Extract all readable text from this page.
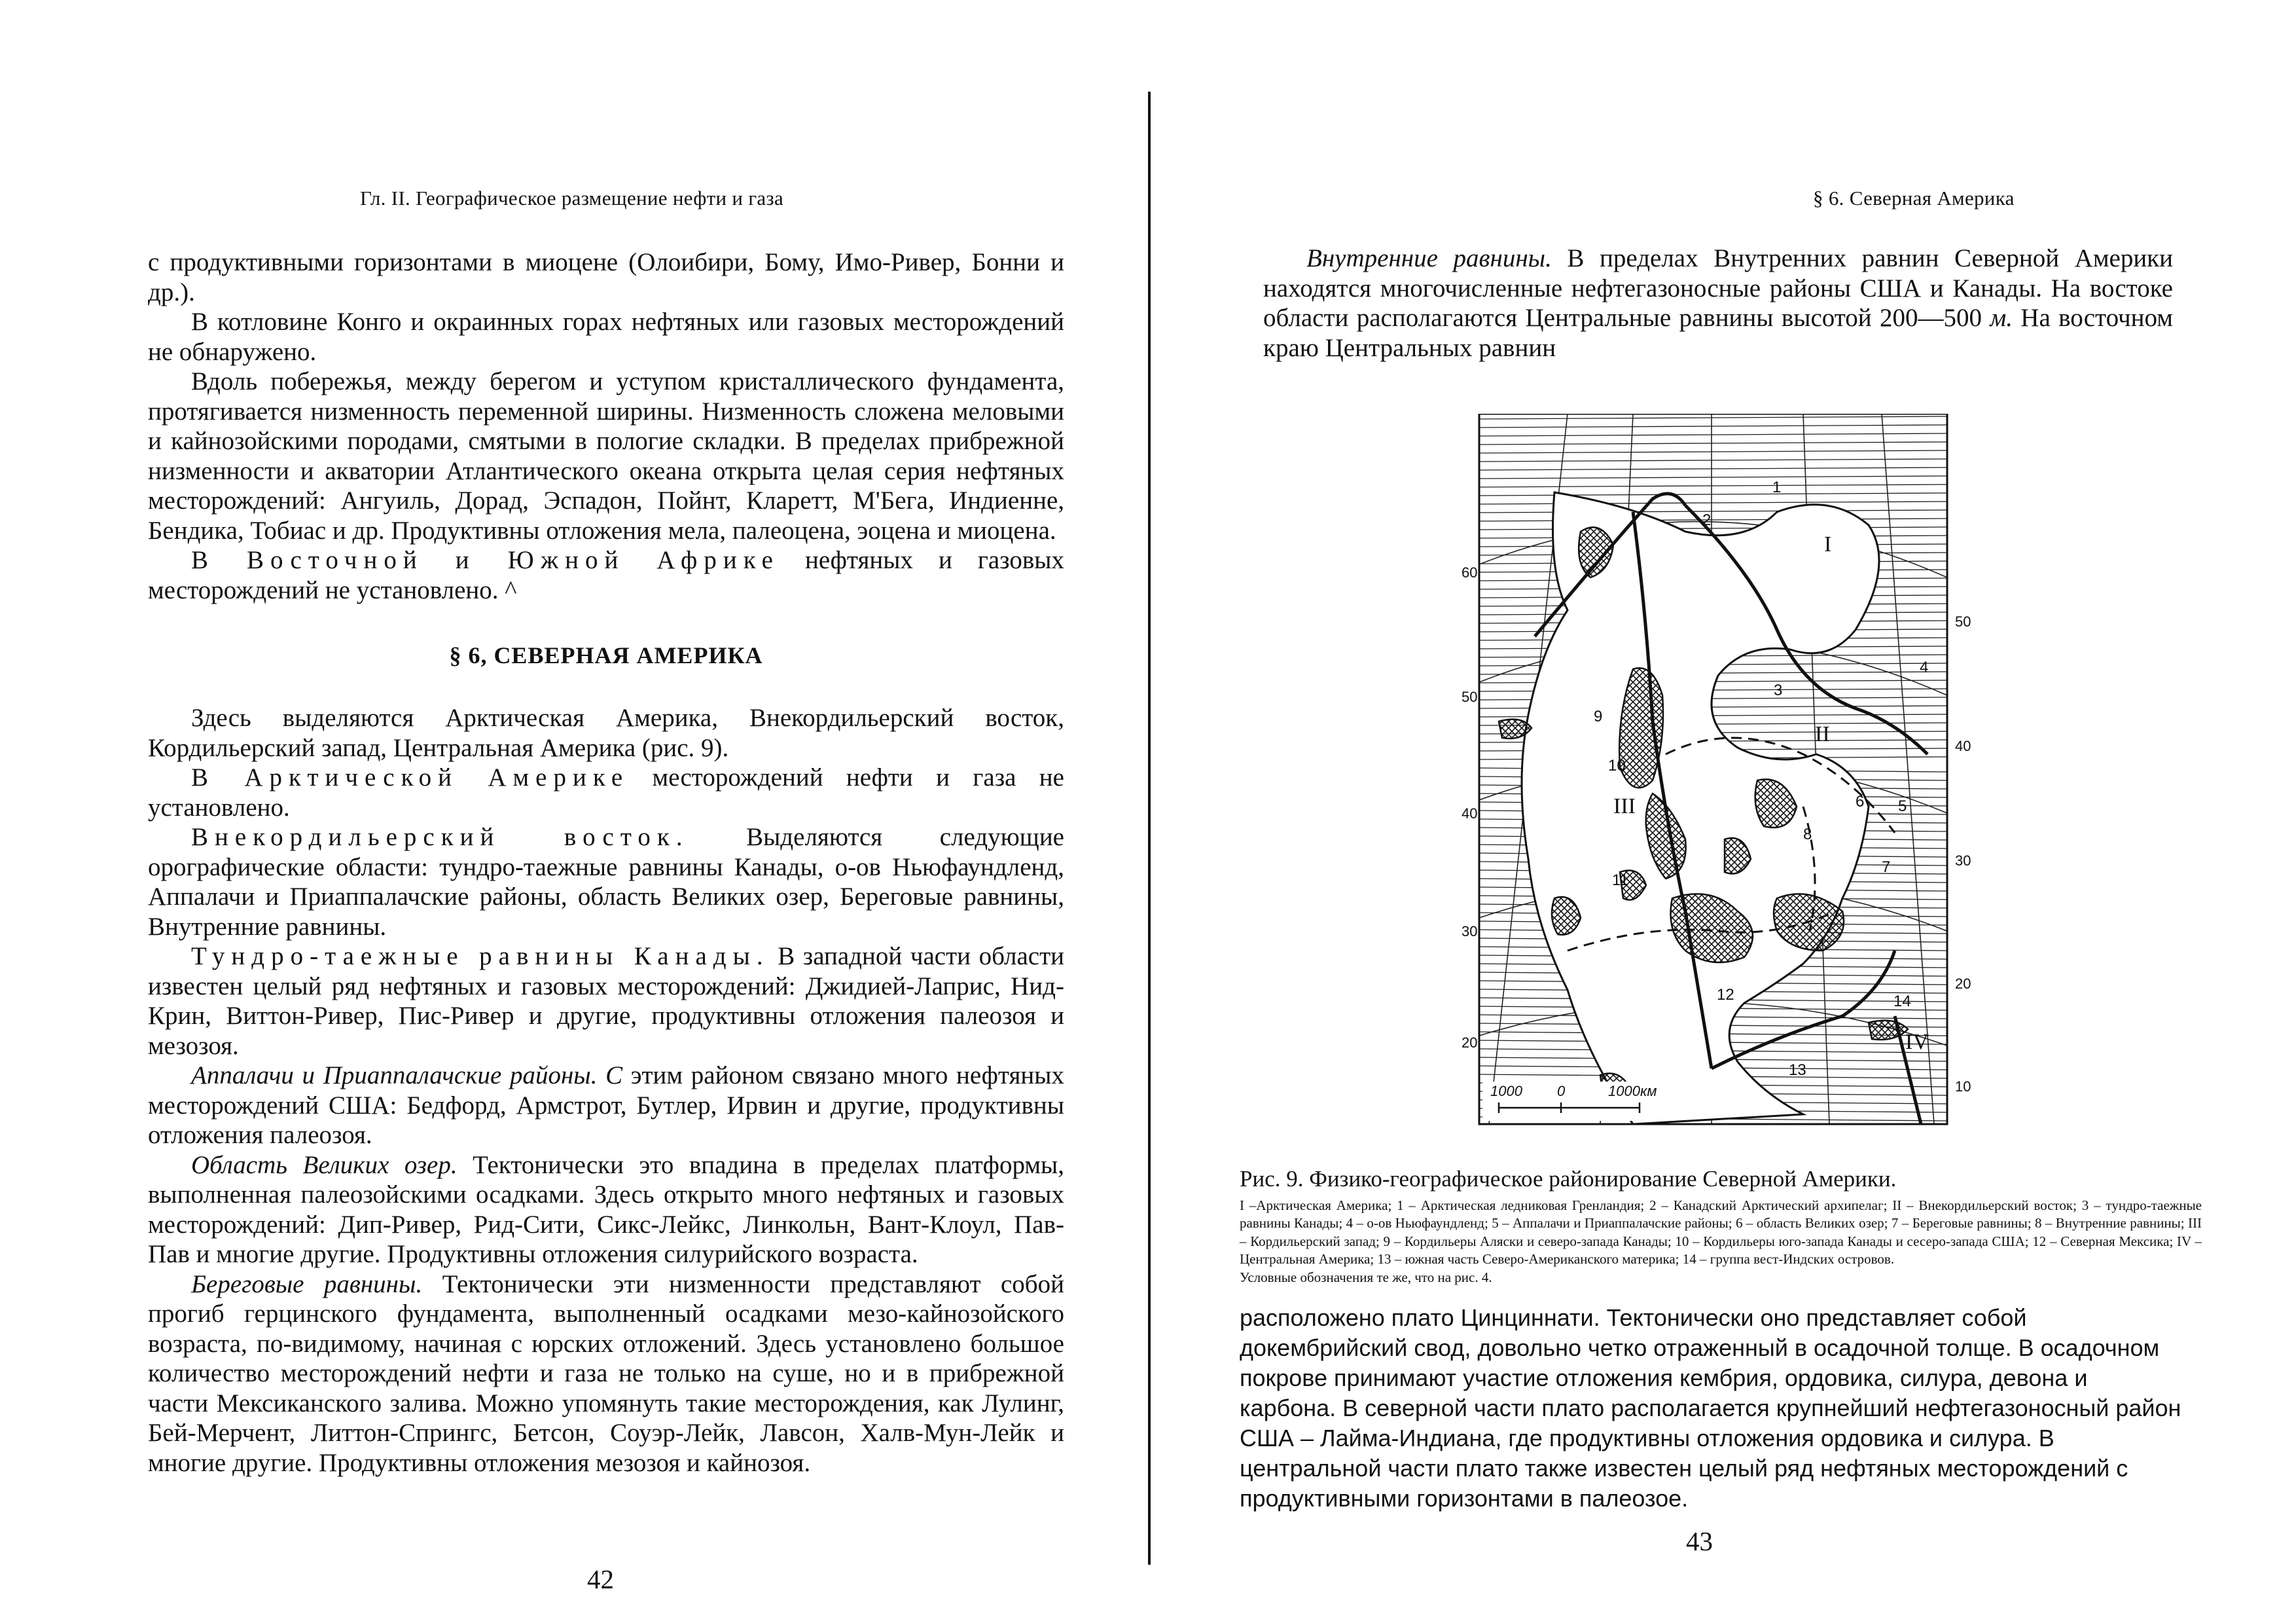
Гл. II. Географическое размещение нефти и газа

с продуктивными горизонтами в миоцене (Олоибири, Бому, Имо-Ривер, Бонни и др.).

В котловине Конго и окраинных горах нефтяных или газовых месторождений не обнаружено.

Вдоль побережья, между берегом и уступом кристаллического фундамента, протягивается низменность переменной ширины. Низменность сложена меловыми и кайнозойскими породами, смятыми в пологие складки. В пределах прибрежной низменности и акватории Атлантического океана открыта целая серия нефтяных месторождений: Ангуиль, Дорад, Эспадон, Пойнт, Кларетт, М'Бега, Индиенне, Бендика, Тобиас и др. Продуктивны отложения мела, палеоцена, эоцена и миоцена.

В Восточной и Южной Африке нефтяных и газовых месторождений не установлено. ^

§ 6, СЕВЕРНАЯ АМЕРИКА

Здесь выделяются Арктическая Америка, Внекордильерский восток, Кордильерский запад, Центральная Америка (рис. 9).

В Арктической Америке месторождений нефти и газа не установлено.

Внекордильерский восток. Выделяются следующие орографические области: тундро-таежные равнины Канады, о-ов Ньюфаундленд, Аппалачи и Приаппалачские районы, область Великих озер, Береговые равнины, Внутренние равнины.

Тундро-таежные равнины Канады. В западной части области известен целый ряд нефтяных и газовых месторождений: Джидией-Лаприс, Нид-Крин, Виттон-Ривер, Пис-Ривер и другие, продуктивны отложения палеозоя и мезозоя.

Аппалачи и Приаппалачские районы. С этим районом связано много нефтяных месторождений США: Бедфорд, Армстрот, Бутлер, Ирвин и другие, продуктивны отложения палеозоя.

Область Великих озер. Тектонически это впадина в пределах платформы, выполненная палеозойскими осадками. Здесь открыто много нефтяных и газовых месторождений: Дип-Ривер, Рид-Сити, Сикс-Лейкс, Линкольн, Вант-Клоул, Пав-Пав и многие другие. Продуктивны отложения силурийского возраста.

Береговые равнины. Тектонически эти низменности представляют собой прогиб герцинского фундамента, выполненный осадками мезо-кайнозойского возраста, по-видимому, начиная с юрских отложений. Здесь установлено большое количество месторождений нефти и газа не только на суше, но и в прибрежной части Мексиканского залива. Можно упомянуть такие месторождения, как Лулинг, Бей-Мерчент, Литтон-Спрингс, Бетсон, Соуэр-Лейк, Лавсон, Халв-Мун-Лейк и многие другие. Продуктивны отложения мезозоя и кайнозоя.

42
§ 6. Северная Америка

Внутренние равнины. В пределах Внутренних равнин Северной Америки находятся многочисленные нефтегазоносные районы США и Канады. На востоке области располагаются Центральные равнины высотой 200—500 м. На восточном краю Центральных равнин

60
50
40
30
20
50
40
30
20
10
1
2
3
4
5
6
7
8
9
10
11
12
13
14
I
II
III
IV
1000 0	1000км

Рис. 9. Физико-географическое районирование Северной Америки.

I –Арктическая Америка; 1 – Арктическая ледниковая Гренландия; 2 – Канадский Арктический архипелаг; II – Внекордильерский восток; 3 – тундро-таежные равнины Канады; 4 – о-ов Ньюфаундленд; 5 – Аппалачи и Приаппалачские районы; 6 – область Великих озер; 7 – Береговые равнины; 8 – Внутренние равнины; III – Кордильерский запад; 9 – Кордильеры Аляски и северо-запада Канады; 10 – Кордильеры юго-запада Канады и сесеро-запада США; 12 – Северная Мексика; IV – Центральная Америка; 13 – южная часть Северо-Американского материка; 14 – группа вест-Индских островов.

Условные обозначения те же, что на рис. 4.

расположено плато Цинциннати. Тектонически оно представляет собой докембрийский свод, довольно четко отраженный в осадочной толще. В осадочном покрове принимают участие отложения кембрия, ордовика, силура, девона и карбона. В северной части плато располагается крупнейший нефтегазоносный район США – Лайма-Индиана, где продуктивны отложения ордовика и силура. В центральной части плато также известен целый ряд нефтяных месторождений с продуктивными горизонтами в палеозое.

43
